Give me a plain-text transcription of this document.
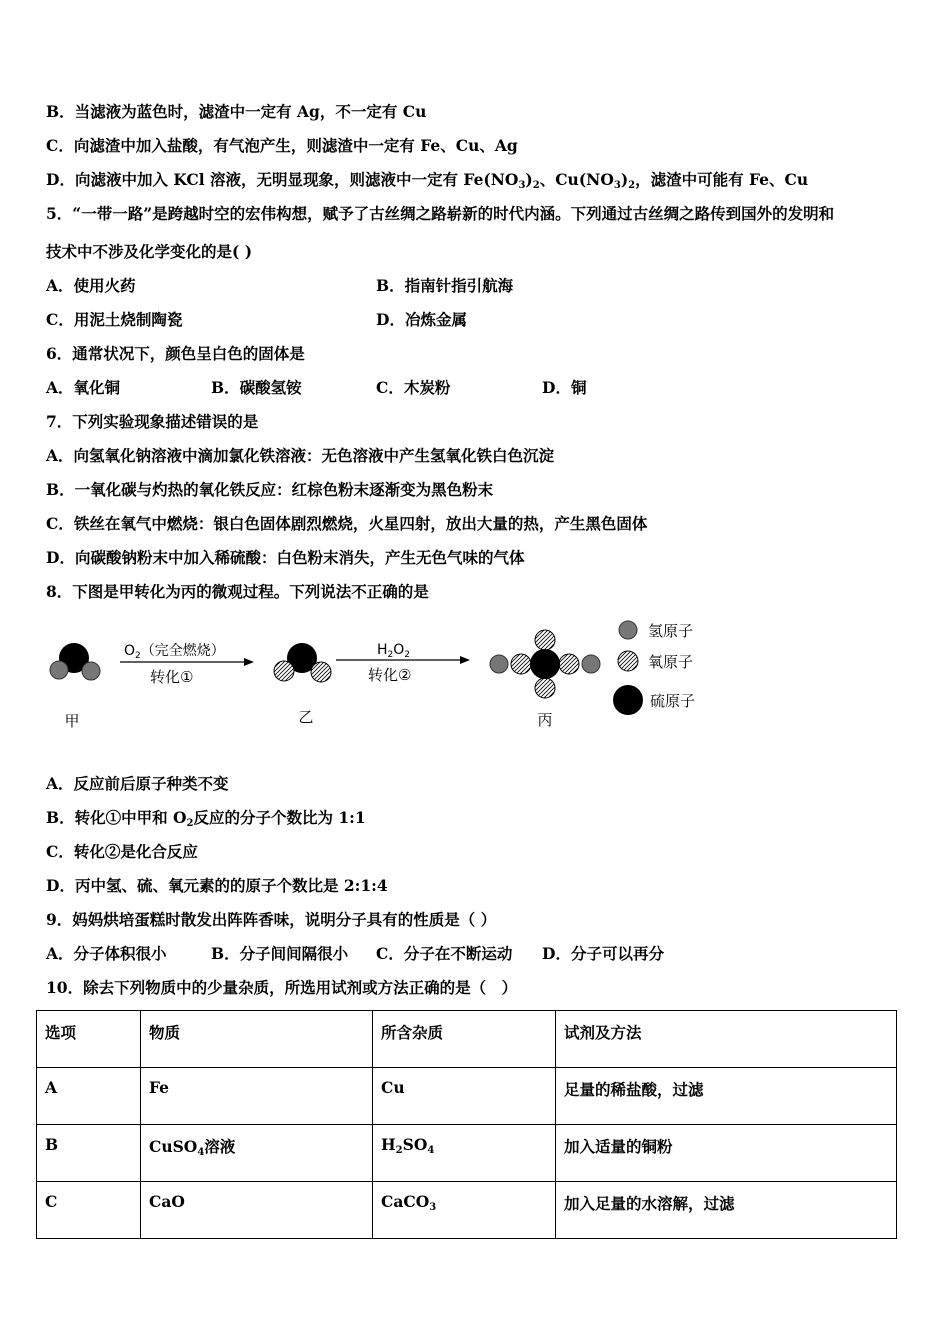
B．当滤液为蓝色时，滤渣中一定有 Ag，不一定有 Cu
C．向滤渣中加入盐酸，有气泡产生，则滤渣中一定有 Fe、Cu、Ag
D．向滤液中加入 KCl 溶液，无明显现象，则滤液中一定有 $Fe(NO_3)_2$、$Cu(NO_3)_2$，滤渣中可能有 Fe、Cu
5．“一带一路”是跨越时空的宏伟构想，赋予了古丝绸之路崭新的时代内涵。下列通过古丝绸之路传到国外的发明和
技术中不涉及化学变化的是( )
A．使用火药	B．指南针指引航海
C．用泥土烧制陶瓷	D．冶炼金属
6．通常状况下，颜色呈白色的固体是
A．氧化铜	B．碳酸氢铵	C．木炭粉	D．铜
7．下列实验现象描述错误的是
A．向氢氧化钠溶液中滴加氯化铁溶液：无色溶液中产生氢氧化铁白色沉淀
B．一氧化碳与灼热的氧化铁反应：红棕色粉末逐渐变为黑色粉末
C．铁丝在氧气中燃烧：银白色固体剧烈燃烧，火星四射，放出大量的热，产生黑色固体
D．向碳酸钠粉末中加入稀硫酸：白色粉末消失，产生无色气味的气体
8．下图是甲转化为丙的微观过程。下列说法不正确的是
甲
$O_2$（完全燃烧）
转化①
乙
$H_2O_2$
转化②
丙
氢原子
氧原子
硫原子
A．反应前后原子种类不变
B．转化①中甲和 $O_2$反应的分子个数比为 1:1
C．转化②是化合反应
D．丙中氢、硫、氧元素的的原子个数比是 2:1:4
9．妈妈烘培蛋糕时散发出阵阵香味，说明分子具有的性质是（ ）
A．分子体积很小	B．分子间间隔很小 C．分子在不断运动 D．分子可以再分
10．除去下列物质中的少量杂质，所选用试剂或方法正确的是（　）
选项	物质	所含杂质	试剂及方法
A	Fe	Cu	足量的稀盐酸，过滤
B	CuSO$_4$溶液	$H_2SO_4$	加入适量的铜粉
C	CaO	CaCO$_3$	加入足量的水溶解，过滤
